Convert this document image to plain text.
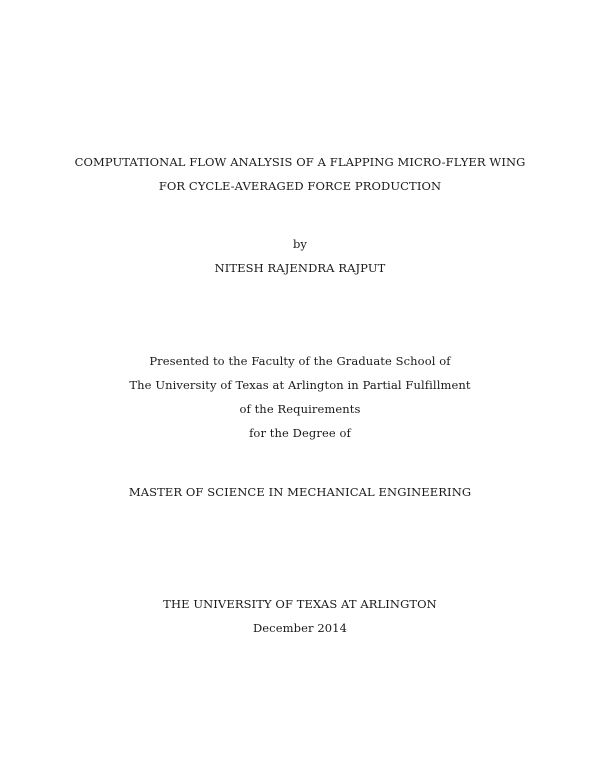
COMPUTATIONAL FLOW ANALYSIS OF A FLAPPING MICRO-FLYER WING
FOR CYCLE-AVERAGED FORCE PRODUCTION
by
NITESH RAJENDRA RAJPUT
Presented to the Faculty of the Graduate School of
The University of Texas at Arlington in Partial Fulfillment
of the Requirements
for the Degree of
MASTER OF SCIENCE IN MECHANICAL ENGINEERING
THE UNIVERSITY OF TEXAS AT ARLINGTON
December 2014
